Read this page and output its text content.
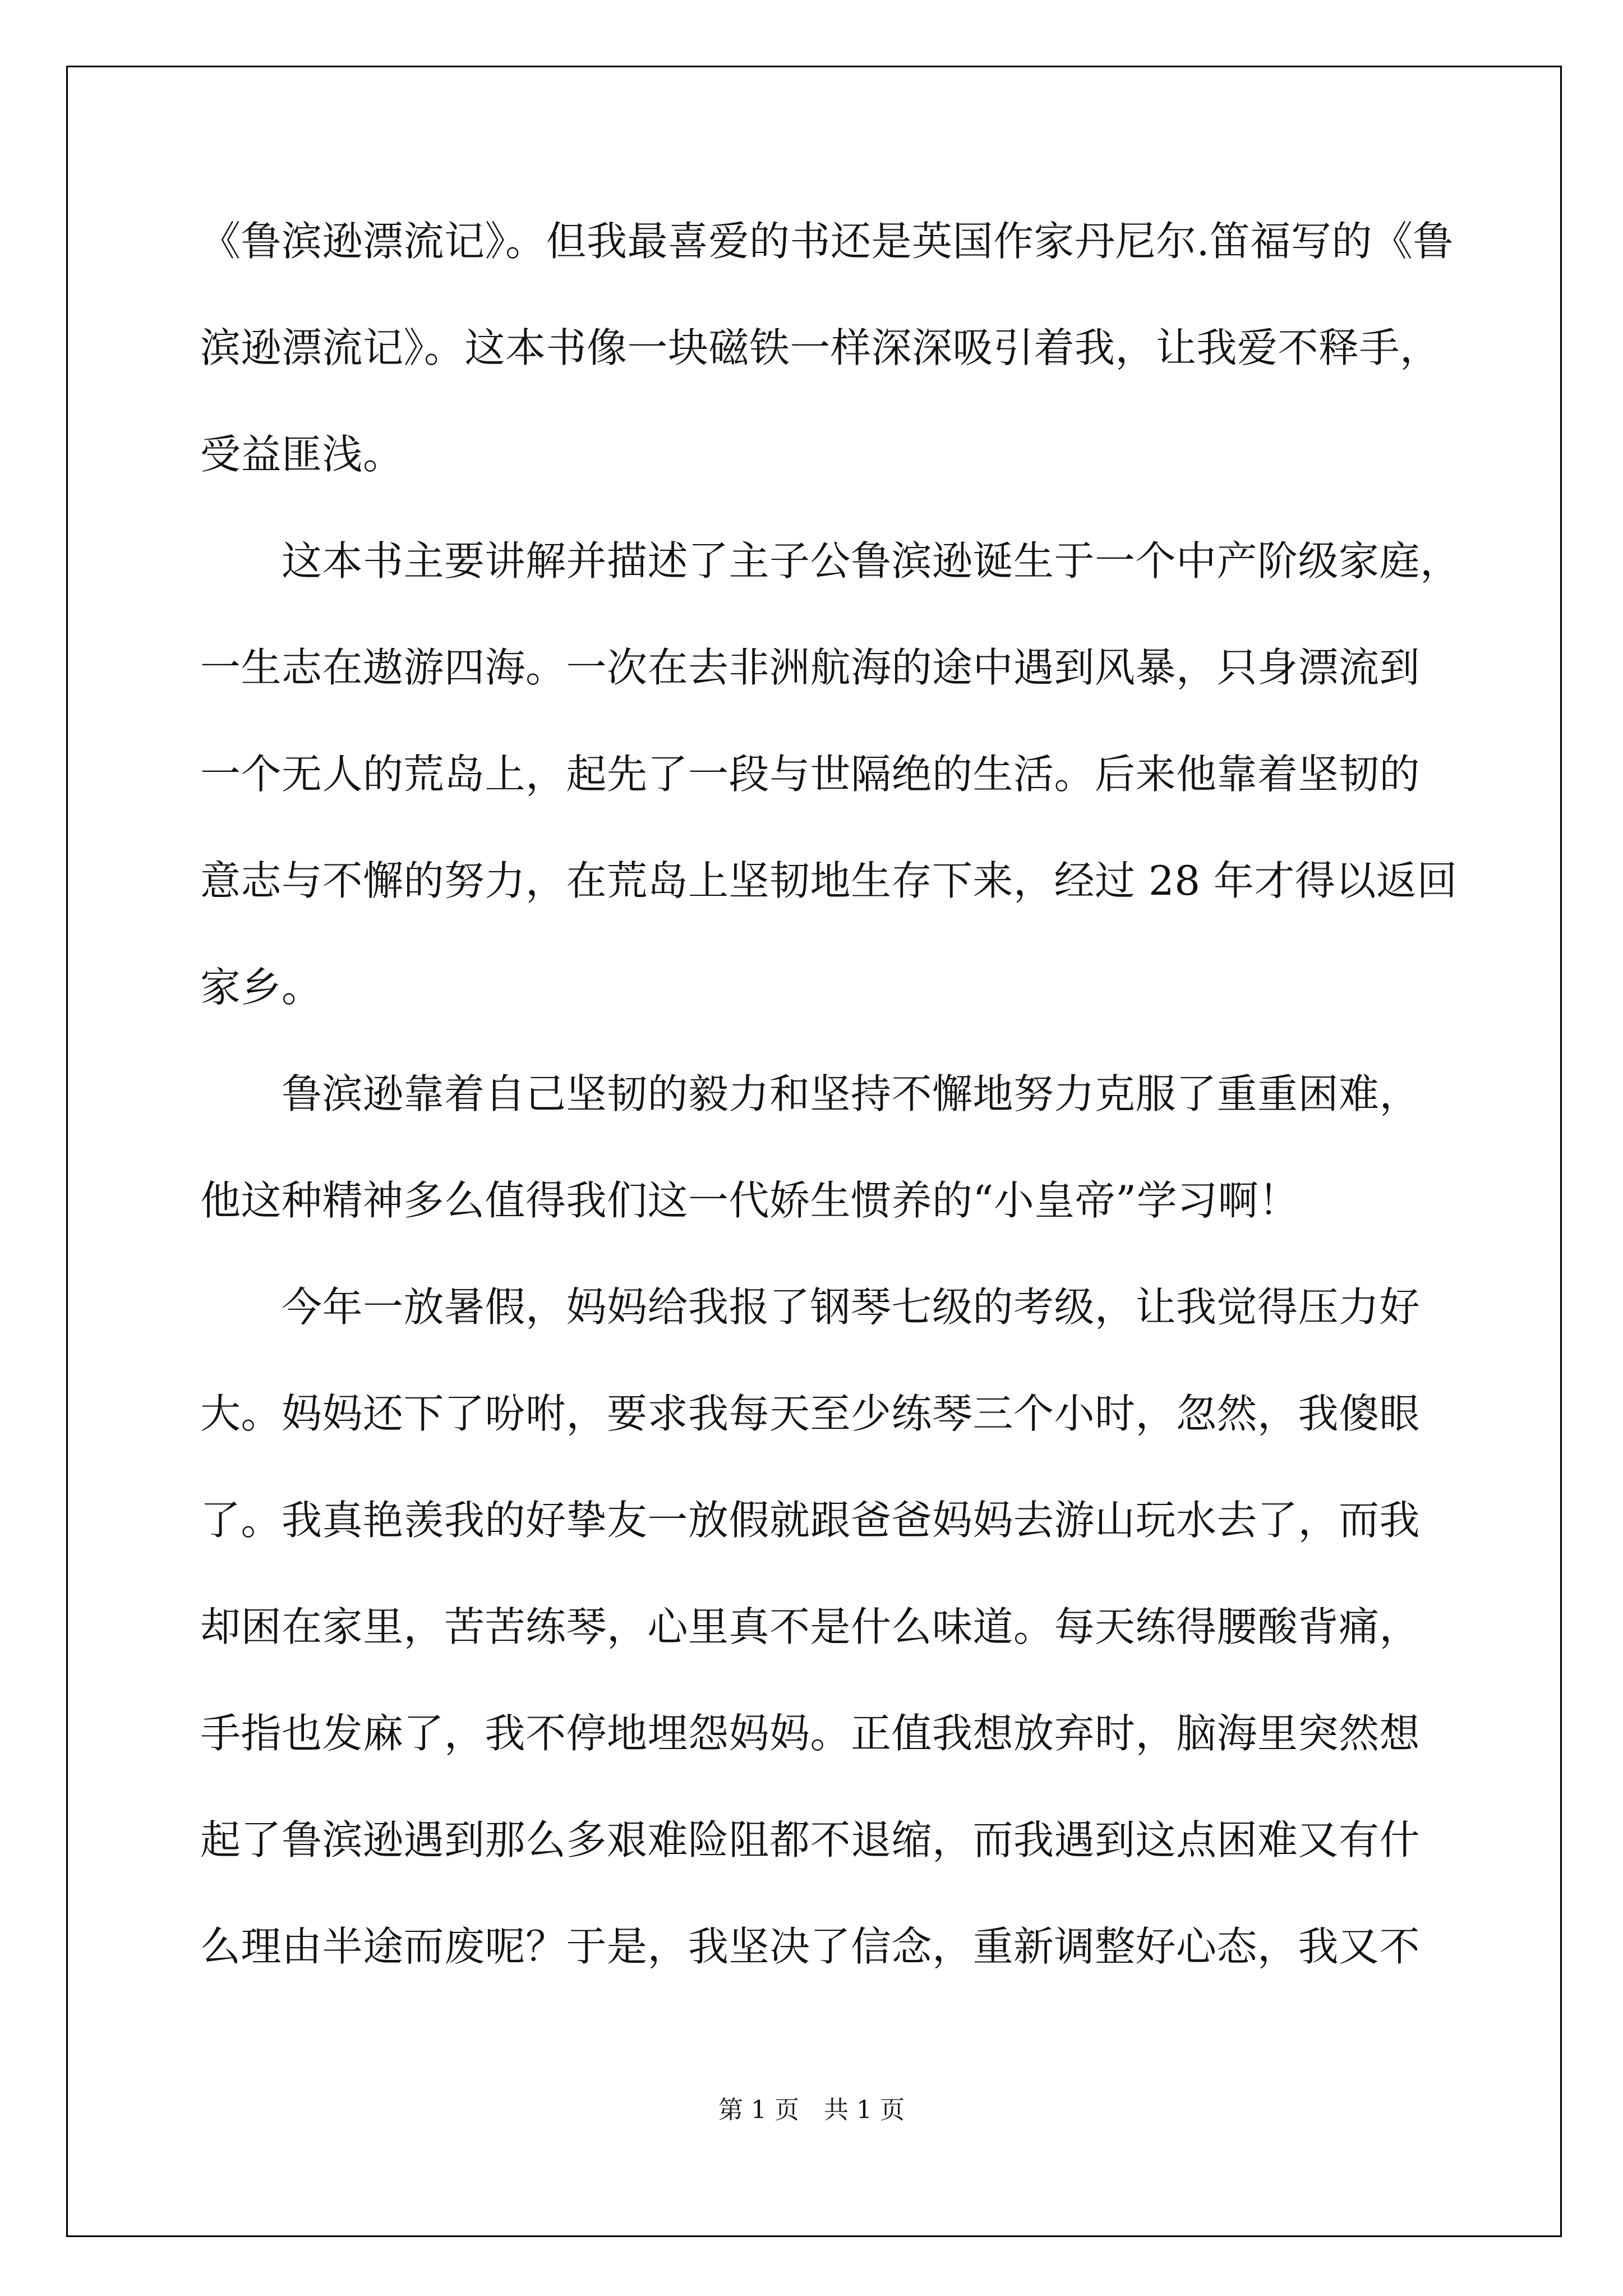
《鲁滨逊漂流记》。但我最喜爱的书还是英国作家丹尼尔.笛福写的《鲁
滨逊漂流记》。这本书像一块磁铁一样深深吸引着我，让我爱不释手，
受益匪浅。
　　这本书主要讲解并描述了主子公鲁滨逊诞生于一个中产阶级家庭，
一生志在遨游四海。一次在去非洲航海的途中遇到风暴，只身漂流到
一个无人的荒岛上，起先了一段与世隔绝的生活。后来他靠着坚韧的
意志与不懈的努力，在荒岛上坚韧地生存下来，经过 28 年才得以返回
家乡。
　　鲁滨逊靠着自己坚韧的毅力和坚持不懈地努力克服了重重困难，
他这种精神多么值得我们这一代娇生惯养的“小皇帝”学习啊！
　　今年一放暑假，妈妈给我报了钢琴七级的考级，让我觉得压力好
大。妈妈还下了吩咐，要求我每天至少练琴三个小时，忽然，我傻眼
了。我真艳羡我的好挚友一放假就跟爸爸妈妈去游山玩水去了，而我
却困在家里，苦苦练琴，心里真不是什么味道。每天练得腰酸背痛，
手指也发麻了，我不停地埋怨妈妈。正值我想放弃时，脑海里突然想
起了鲁滨逊遇到那么多艰难险阻都不退缩，而我遇到这点困难又有什
么理由半途而废呢？于是，我坚决了信念，重新调整好心态，我又不
第 1 页　共 1 页
